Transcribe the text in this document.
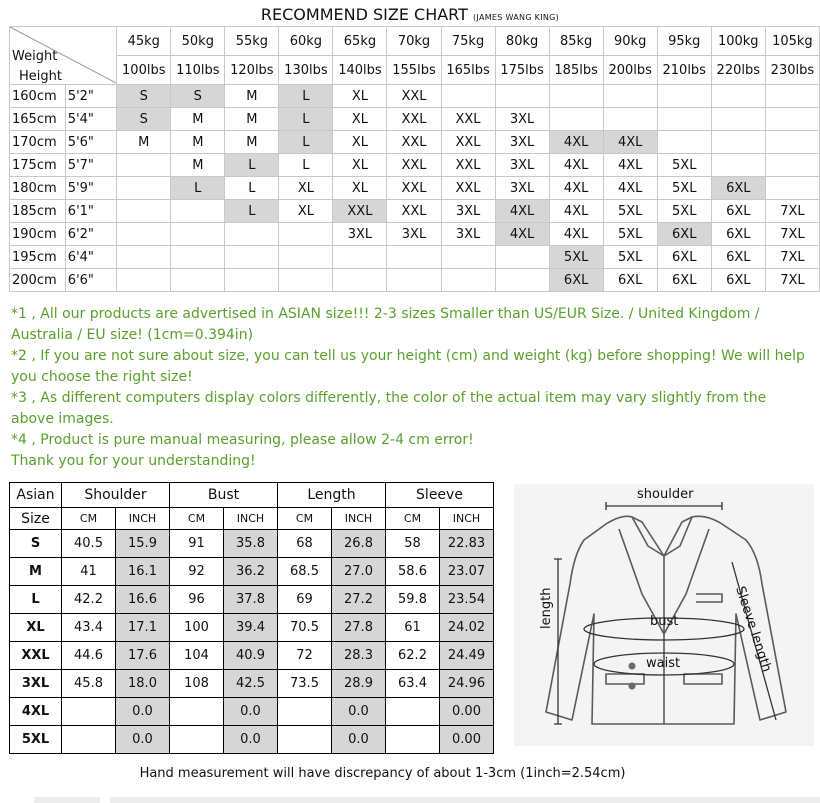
RECOMMEND SIZE CHART (JAMES WANG KING)
Weight
Height		45kg	50kg	55kg	60kg	65kg	70kg	75kg	80kg	85kg	90kg	95kg	100kg	105kg
		100lbs	110lbs	120lbs	130lbs	140lbs	155lbs	165lbs	175lbs	185lbs	200lbs	210lbs	220lbs	230lbs
160cm	5'2"	S	S	M	L	XL	XXL							
165cm	5'4"	S	M	M	L	XL	XXL	XXL	3XL					
170cm	5'6"	M	M	M	L	XL	XXL	XXL	3XL	4XL	4XL			
175cm	5'7"		M	L	L	XL	XXL	XXL	3XL	4XL	4XL	5XL		
180cm	5'9"		L	L	XL	XL	XXL	XXL	3XL	4XL	4XL	5XL	6XL	
185cm	6'1"			L	XL	XXL	XXL	3XL	4XL	4XL	5XL	5XL	6XL	7XL
190cm	6'2"					3XL	3XL	3XL	4XL	4XL	5XL	6XL	6XL	7XL
195cm	6'4"									5XL	5XL	6XL	6XL	7XL
200cm	6'6"									6XL	6XL	6XL	6XL	7XL

*1 , All our products are advertised in ASIAN size!!! 2-3 sizes Smaller than US/EUR Size. / United Kingdom / Australia / EU size! (1cm=0.394in)

*2 , If you are not sure about size, you can tell us your height (cm) and weight (kg) before shopping! We will help you choose the right size!

*3 , As different computers display colors differently, the color of the actual item may vary slightly from the above images.

*4 , Product is pure manual measuring, please allow 2-4 cm error!

Thank you for your understanding!

Asian	Shoulder		Bust		Length		Sleeve	
Size	CM	INCH	CM	INCH	CM	INCH	CM	INCH
S	40.5	15.9	91	35.8	68	26.8	58	22.83
M	41	16.1	92	36.2	68.5	27.0	58.6	23.07
L	42.2	16.6	96	37.8	69	27.2	59.8	23.54
XL	43.4	17.1	100	39.4	70.5	27.8	61	24.02
XXL	44.6	17.6	104	40.9	72	28.3	62.2	24.49
3XL	45.8	18.0	108	42.5	73.5	28.9	63.4	24.96
4XL		0.0		0.0		0.0		0.00
5XL		0.0		0.0		0.0		0.00
shoulder
length	bust
waist	Sleeve length
Hand measurement will have discrepancy of about 1-3cm (1inch=2.54cm)
